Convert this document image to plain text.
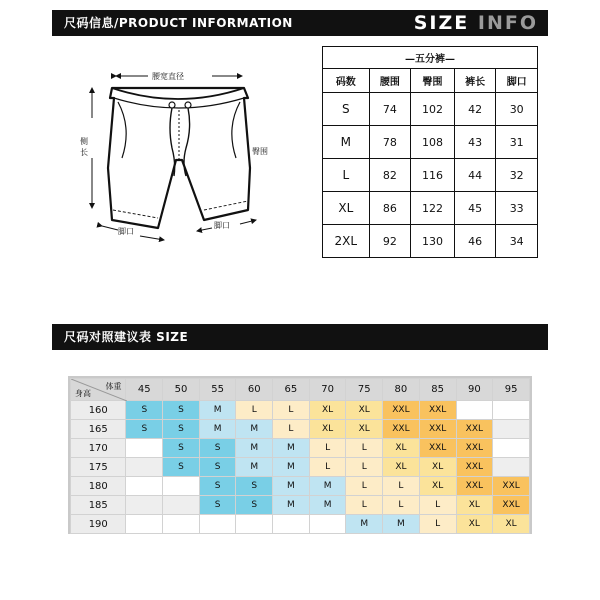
尺码信息/PRODUCT INFORMATION	SIZE INFO
腰宽直径
侧长	臀围
脚口
脚口
—五分裤—				
码数	腰围	臀围	裤长	脚口
S	74	102	42	30
M	78	108	43	31
L	82	116	44	32
XL	86	122	45	33
2XL	92	130	46	34
尺码对照建议表 SIZE
体重
身高	45	50	55	60	65	70	75	80	85	90	95
160	S	S	M	L	L	XL	XL	XXL	XXL		
165	S	S	M	M	L	XL	XL	XXL	XXL	XXL	
170		S	S	M	M	L	L	XL	XXL	XXL	
175		S	S	M	M	L	L	XL	XL	XXL	
180			S	S	M	M	L	L	XL	XXL	XXL
185			S	S	M	M	L	L	L	XL	XXL
190							M	M	L	XL	XL
